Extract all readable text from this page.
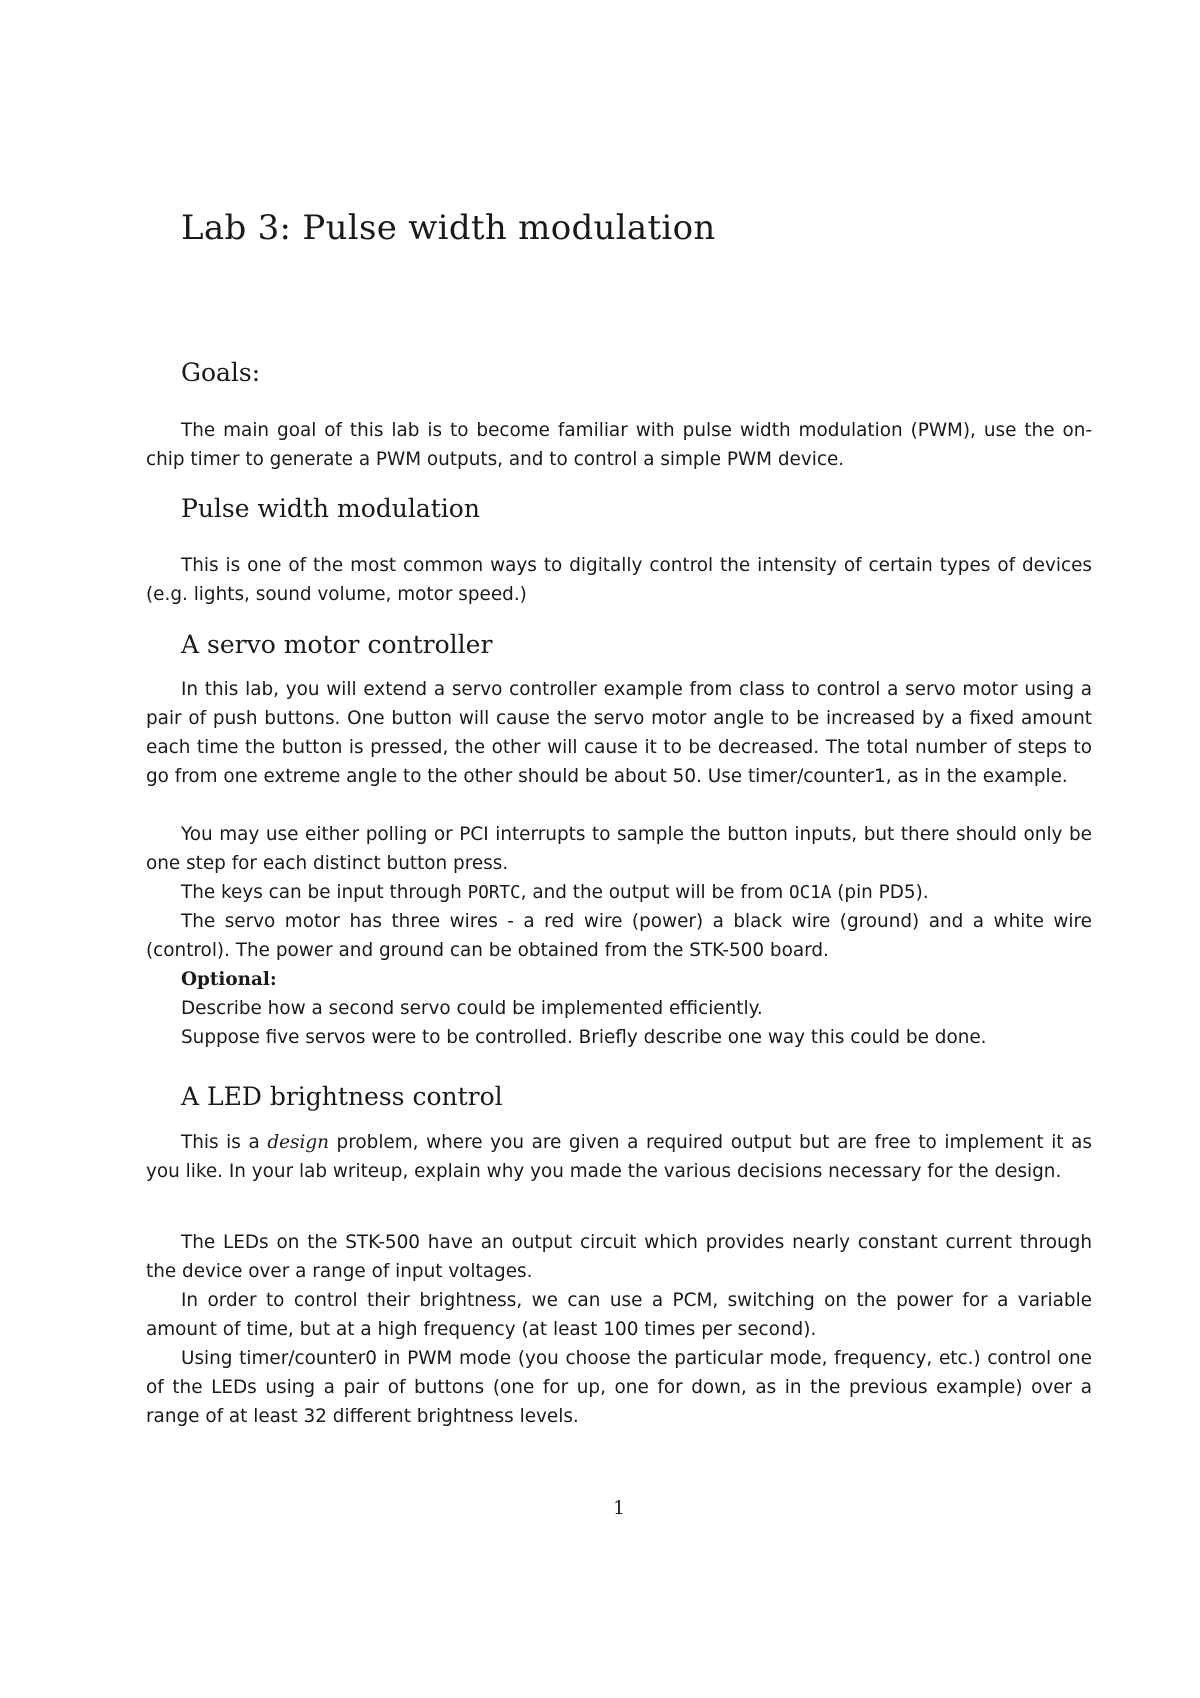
Lab 3: Pulse width modulation
Goals:

The main goal of this lab is to become familiar with pulse width modulation (PWM), use the on-chip timer to generate a PWM outputs, and to control a simple PWM device.

Pulse width modulation

This is one of the most common ways to digitally control the intensity of certain types of devices (e.g. lights, sound volume, motor speed.)

A servo motor controller

In this lab, you will extend a servo controller example from class to control a servo motor using a pair of push buttons. One button will cause the servo motor angle to be increased by a fixed amount each time the button is pressed, the other will cause it to be decreased. The total number of steps to go from one extreme angle to the other should be about 50. Use timer/counter1, as in the example.

You may use either polling or PCI interrupts to sample the button inputs, but there should only be one step for each distinct button press.

The keys can be input through PORTC, and the output will be from OC1A (pin PD5).

The servo motor has three wires - a red wire (power) a black wire (ground) and a white wire (control). The power and ground can be obtained from the STK-500 board.

Optional:

Describe how a second servo could be implemented efficiently.

Suppose five servos were to be controlled. Briefly describe one way this could be done.

A LED brightness control

This is a design problem, where you are given a required output but are free to implement it as you like. In your lab writeup, explain why you made the various decisions necessary for the design.

The LEDs on the STK-500 have an output circuit which provides nearly constant current through the device over a range of input voltages.

In order to control their brightness, we can use a PCM, switching on the power for a variable amount of time, but at a high frequency (at least 100 times per second).

Using timer/counter0 in PWM mode (you choose the particular mode, frequency, etc.) control one of the LEDs using a pair of buttons (one for up, one for down, as in the previous example) over a range of at least 32 different brightness levels.

1
